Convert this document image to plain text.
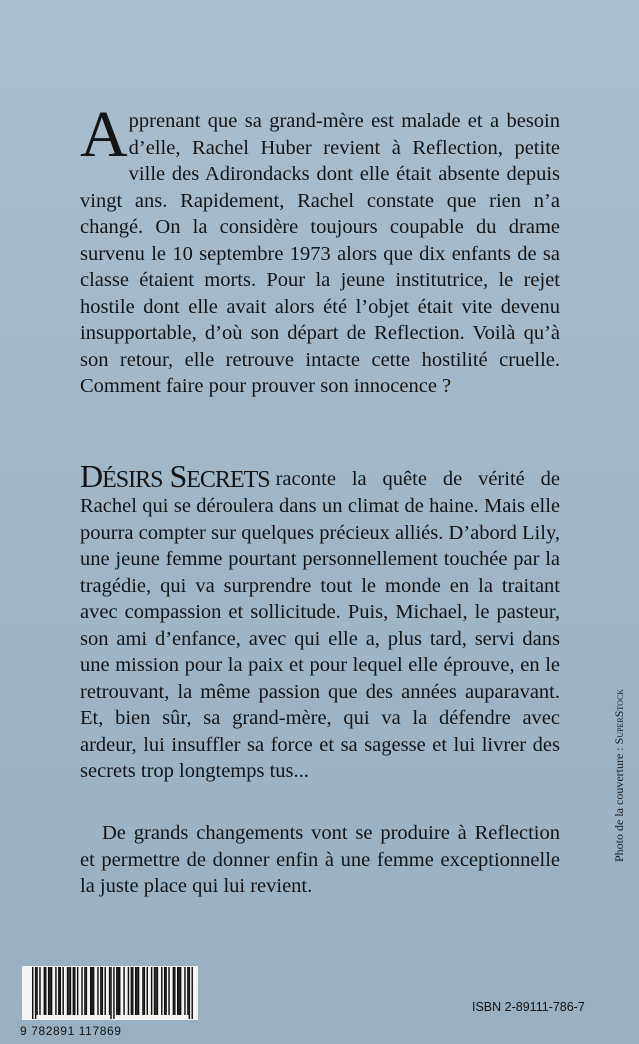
Apprenant que sa grand-mère est malade et a besoin d’elle, Rachel Huber revient à Reflection, petite ville des Adirondacks dont elle était absente depuis vingt ans. Rapidement, Rachel constate que rien n’a changé. On la considère toujours coupable du drame survenu le 10 septembre 1973 alors que dix enfants de sa classe étaient morts. Pour la jeune institutrice, le rejet hostile dont elle avait alors été l’objet était vite devenu insupportable, d’où son départ de Reflection. Voilà qu’à son retour, elle retrouve intacte cette hostilité cruelle. Comment faire pour prouver son innocence ?
DÉSIRS SECRETS raconte la quête de vérité de Rachel qui se déroulera dans un climat de haine. Mais elle pourra compter sur quelques précieux alliés. D’abord Lily, une jeune femme pourtant personnellement touchée par la tragédie, qui va surprendre tout le monde en la traitant avec compassion et sollicitude. Puis, Michael, le pasteur, son ami d’enfance, avec qui elle a, plus tard, servi dans une mission pour la paix et pour lequel elle éprouve, en le retrouvant, la même passion que des années auparavant. Et, bien sûr, sa grand-mère, qui va la défendre avec ardeur, lui insuffler sa force et sa sagesse et lui livrer des secrets trop longtemps tus...
De grands changements vont se produire à Reflection et permettre de donner enfin à une femme exceptionnelle la juste place qui lui revient.
Photo de la couverture : SuperStock
9 782891 117869
ISBN 2-89111-786-7
